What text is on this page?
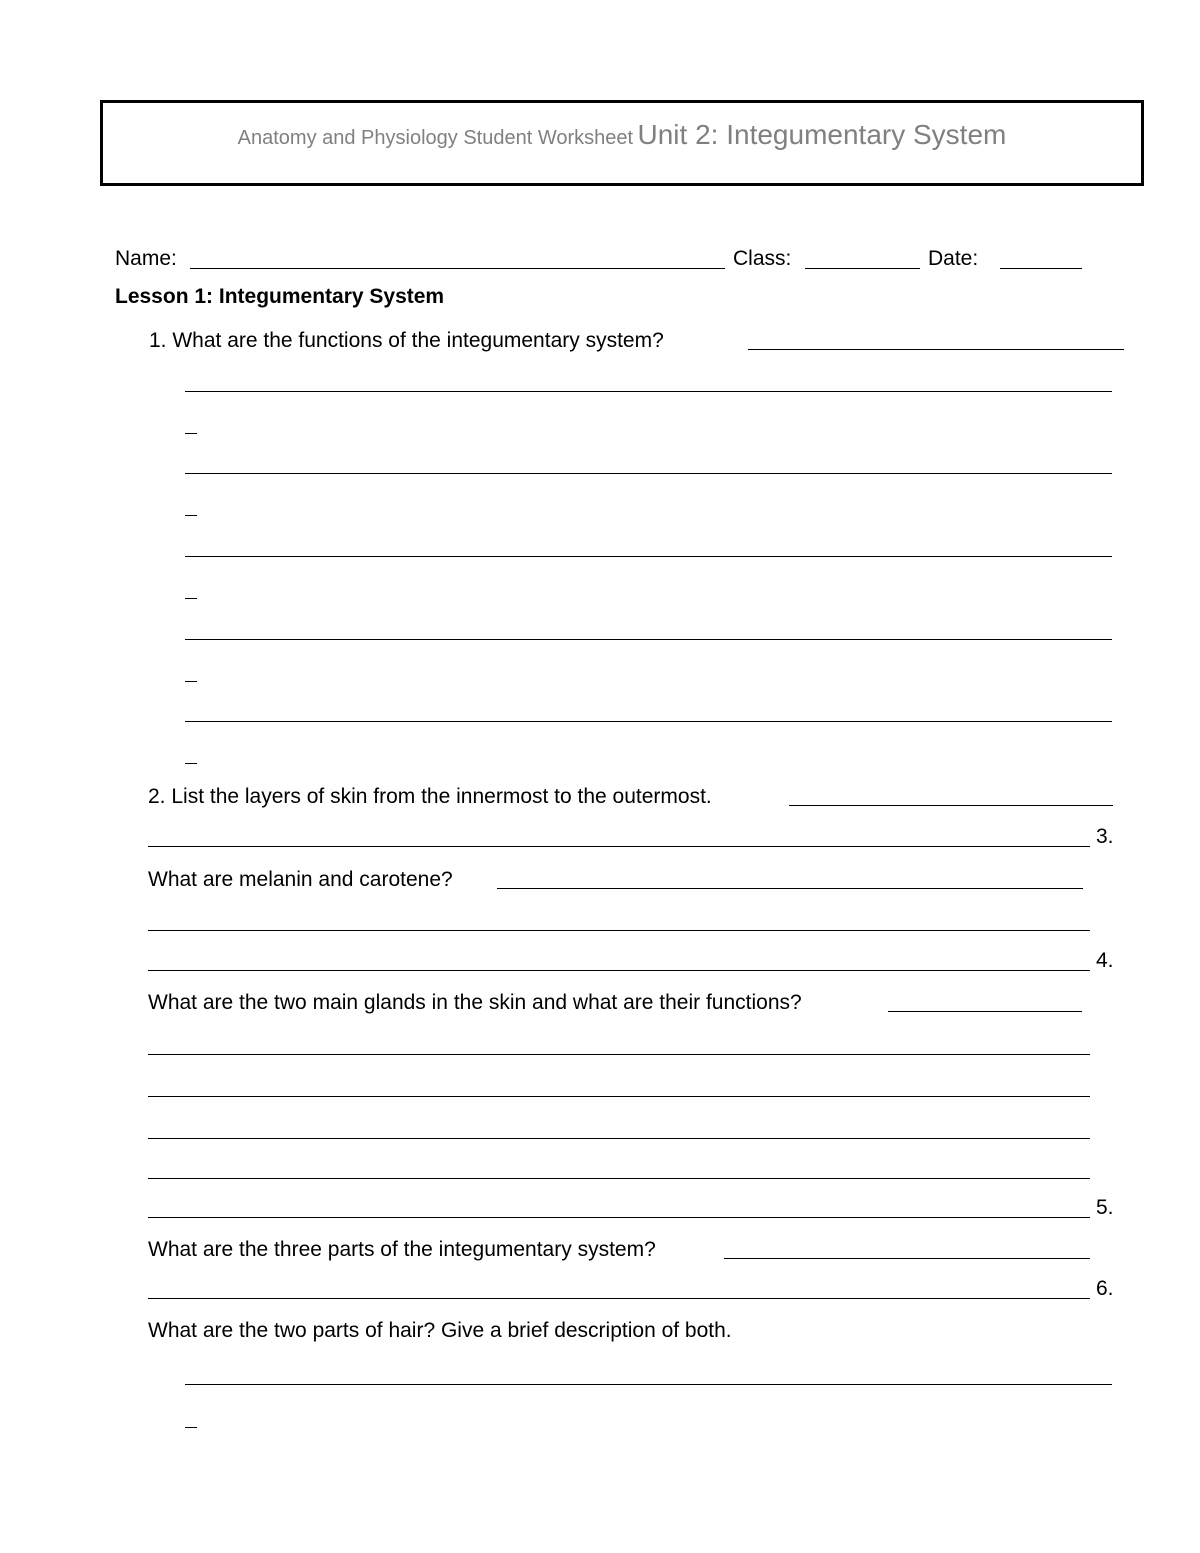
Anatomy and Physiology Student Worksheet Unit 2: Integumentary System
Name:	Class:	Date:
Lesson 1: Integumentary System
1. What are the functions of the integumentary system?
2. List the layers of skin from the innermost to the outermost.
3.
What are melanin and carotene?
4.
What are the two main glands in the skin and what are their functions?
5.
What are the three parts of the integumentary system?
6.
What are the two parts of hair? Give a brief description of both.
